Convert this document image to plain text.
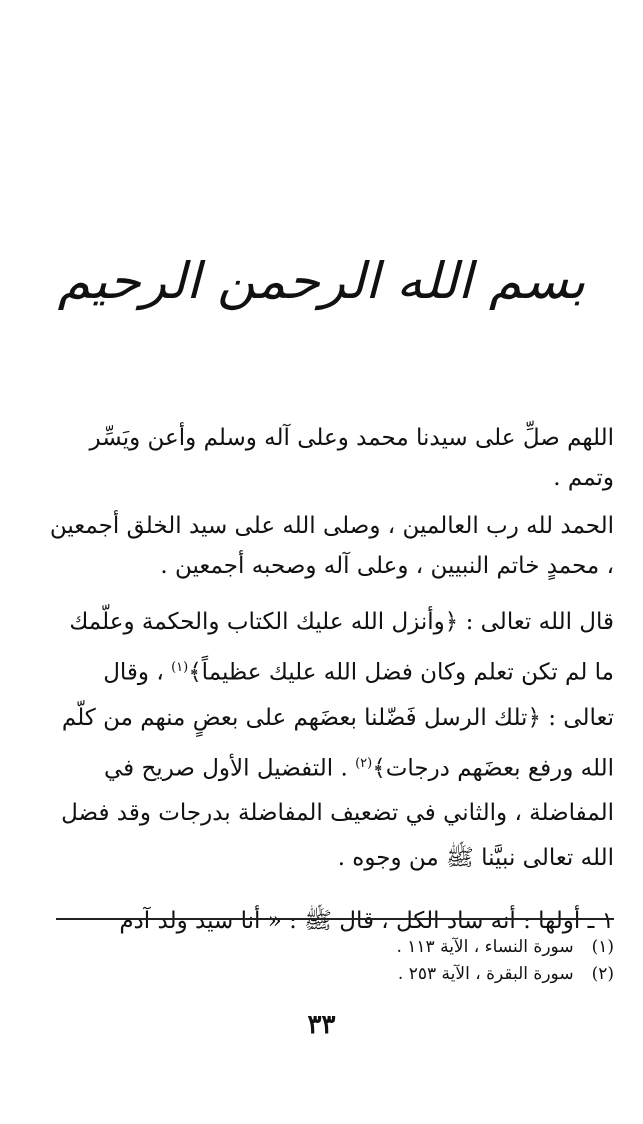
بسم الله الرحمن الرحيم

اللهم صلِّ على سيدنا محمد وعلى آله وسلم وأعن ويَسِّر وتمم .

الحمد لله رب العالمين ، وصلى الله على سيد الخلق أجمعين ، محمدٍ خاتم النبيين ، وعلى آله وصحبه أجمعين .

قال الله تعالى : ﴿وأنزل الله عليك الكتاب والحكمة وعلّمك ما لم تكن تعلم وكان فضل الله عليك عظيماً﴾$^{(١)}$ ، وقال تعالى : ﴿تلك الرسل فَضّلنا بعضَهم على بعضٍ منهم من كلّم الله ورفع بعضَهم درجات﴾$^{(٢)}$ . التفضيل الأول صريح في المفاضلة ، والثاني في تضعيف المفاضلة بدرجات وقد فضل الله تعالى نبيَّنا ﷺ من وجوه .

١ ـ أولها : أنه ساد الكل ، قال ﷺ : « أنا سيد ولد آدم

(١)
سورة النساء ، الآية ١١٣ .
(٢)
سورة البقرة ، الآية ٢٥٣ .
٣٣
